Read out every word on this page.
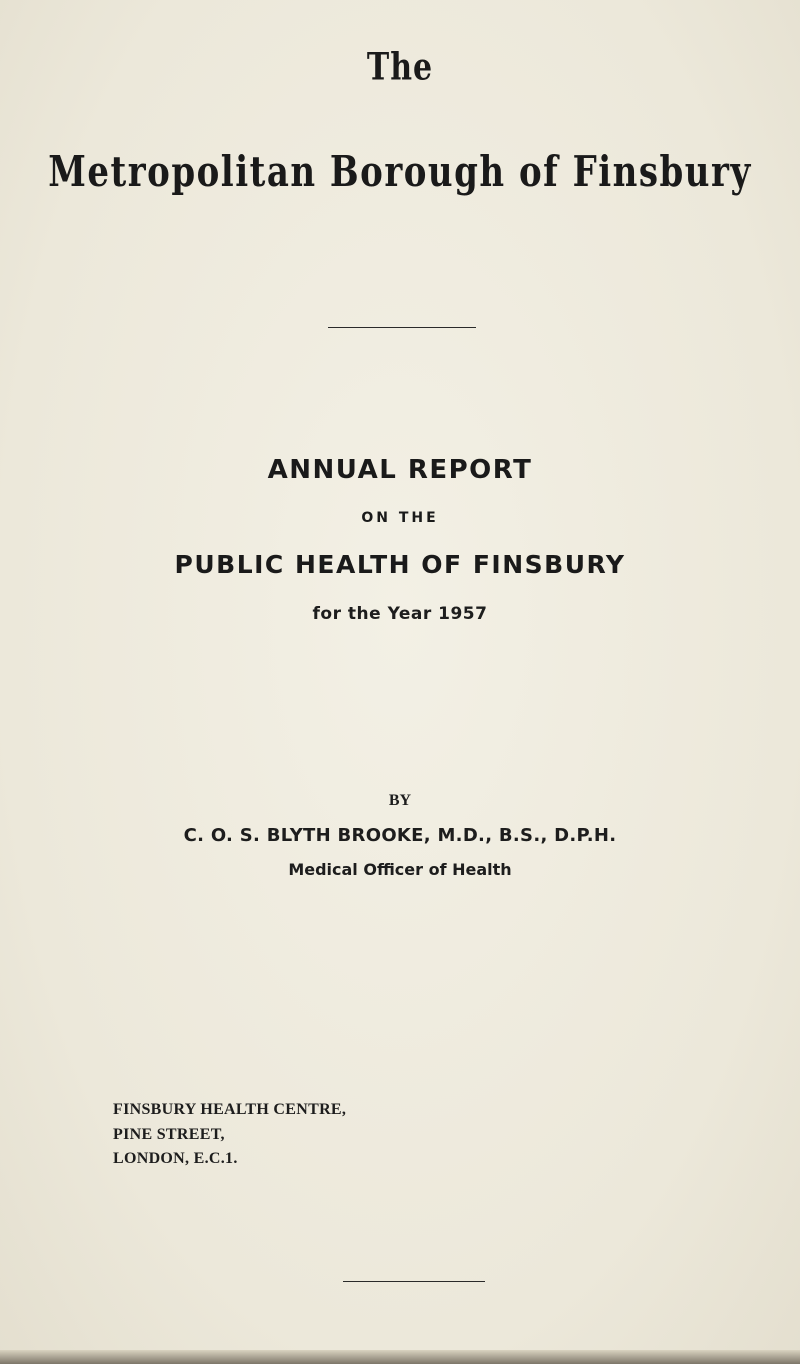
The
Metropolitan Borough of Finsbury
ANNUAL REPORT
ON THE
PUBLIC HEALTH OF FINSBURY
for the Year 1957
BY
C. O. S. BLYTH BROOKE, M.D., B.S., D.P.H.
Medical Officer of Health
FINSBURY HEALTH CENTRE,
PINE STREET,
LONDON, E.C.1.
